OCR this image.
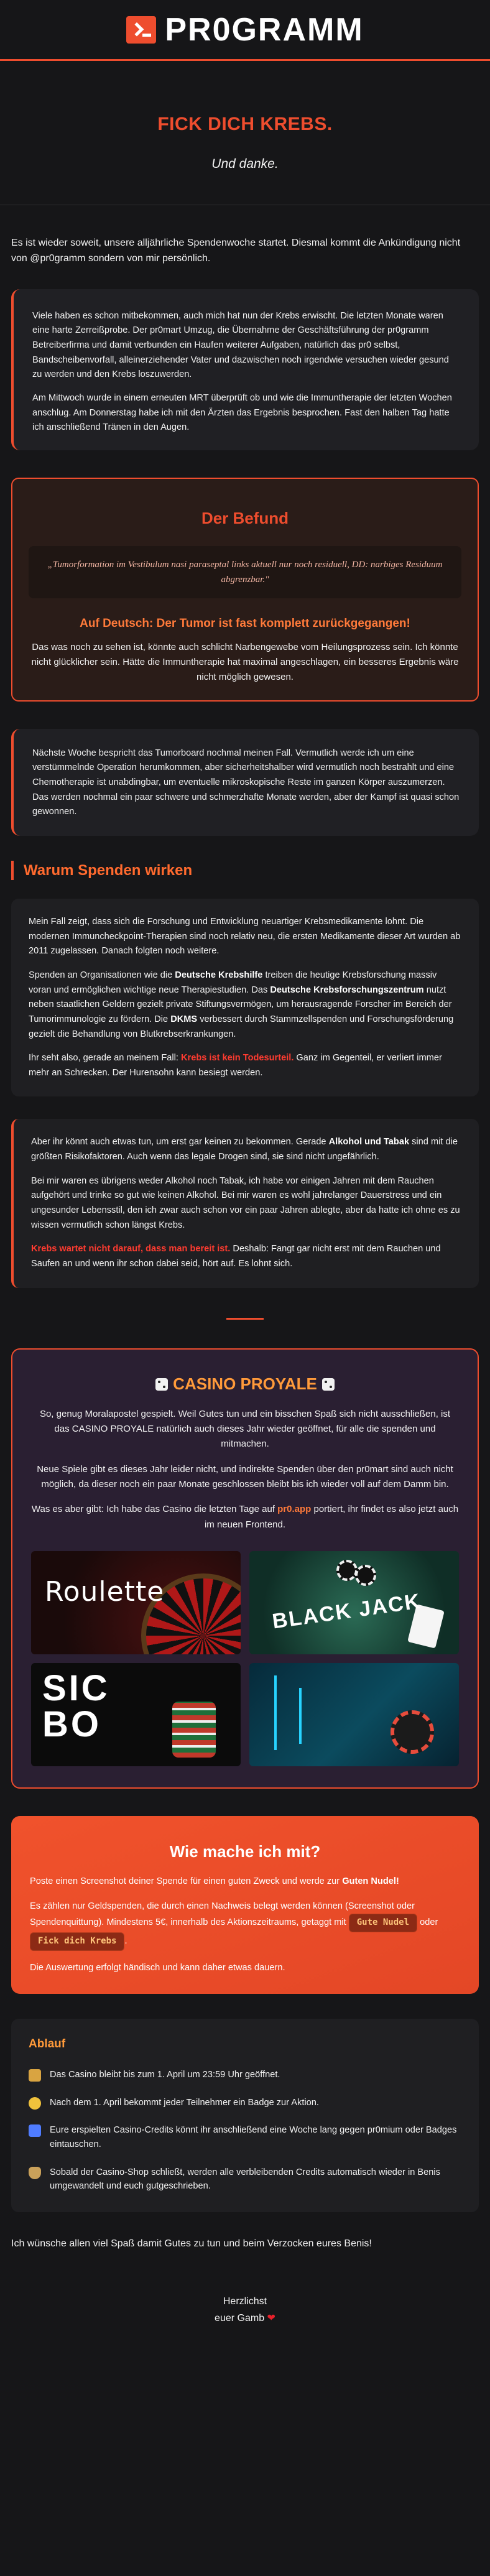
PR0GRAMM
FICK DICH KREBS.

Und danke.

Es ist wieder soweit, unsere alljährliche Spendenwoche startet. Diesmal kommt die Ankündigung nicht von @pr0gramm sondern von mir persönlich.

Viele haben es schon mitbekommen, auch mich hat nun der Krebs erwischt. Die letzten Monate waren eine harte Zerreißprobe. Der pr0mart Umzug, die Übernahme der Geschäftsführung der pr0gramm Betreiberfirma und damit verbunden ein Haufen weiterer Aufgaben, natürlich das pr0 selbst, Bandscheibenvorfall, alleinerziehender Vater und dazwischen noch irgendwie versuchen wieder gesund zu werden und den Krebs loszuwerden.

Am Mittwoch wurde in einem erneuten MRT überprüft ob und wie die Immuntherapie der letzten Wochen anschlug. Am Donnerstag habe ich mit den Ärzten das Ergebnis besprochen. Fast den halben Tag hatte ich anschließend Tränen in den Augen.

Der Befund
„Tumorformation im Vestibulum nasi paraseptal links aktuell nur noch residuell, DD: narbiges Residuum abgrenzbar."
Auf Deutsch: Der Tumor ist fast komplett zurückgegangen!

Das was noch zu sehen ist, könnte auch schlicht Narbengewebe vom Heilungsprozess sein. Ich könnte nicht glücklicher sein. Hätte die Immuntherapie hat maximal angeschlagen, ein besseres Ergebnis wäre nicht möglich gewesen.

Nächste Woche bespricht das Tumorboard nochmal meinen Fall. Vermutlich werde ich um eine verstümmelnde Operation herumkommen, aber sicherheitshalber wird vermutlich noch bestrahlt und eine Chemotherapie ist unabdingbar, um eventuelle mikroskopische Reste im ganzen Körper auszumerzen. Das werden nochmal ein paar schwere und schmerzhafte Monate werden, aber der Kampf ist quasi schon gewonnen.

Warum Spenden wirken

Mein Fall zeigt, dass sich die Forschung und Entwicklung neuartiger Krebsmedikamente lohnt. Die modernen Immuncheckpoint-Therapien sind noch relativ neu, die ersten Medikamente dieser Art wurden ab 2011 zugelassen. Danach folgten noch weitere.

Spenden an Organisationen wie die Deutsche Krebshilfe treiben die heutige Krebsforschung massiv voran und ermöglichen wichtige neue Therapiestudien. Das Deutsche Krebsforschungszentrum nutzt neben staatlichen Geldern gezielt private Stiftungsvermögen, um herausragende Forscher im Bereich der Tumorimmunologie zu fördern. Die DKMS verbessert durch Stammzellspenden und Forschungsförderung gezielt die Behandlung von Blutkrebserkrankungen.

Ihr seht also, gerade an meinem Fall: Krebs ist kein Todesurteil. Ganz im Gegenteil, er verliert immer mehr an Schrecken. Der Hurensohn kann besiegt werden.

Aber ihr könnt auch etwas tun, um erst gar keinen zu bekommen. Gerade Alkohol und Tabak sind mit die größten Risikofaktoren. Auch wenn das legale Drogen sind, sie sind nicht ungefährlich.

Bei mir waren es übrigens weder Alkohol noch Tabak, ich habe vor einigen Jahren mit dem Rauchen aufgehört und trinke so gut wie keinen Alkohol. Bei mir waren es wohl jahrelanger Dauerstress und ein ungesunder Lebensstil, den ich zwar auch schon vor ein paar Jahren ablegte, aber da hatte ich ohne es zu wissen vermutlich schon längst Krebs.

Krebs wartet nicht darauf, dass man bereit ist. Deshalb: Fangt gar nicht erst mit dem Rauchen und Saufen an und wenn ihr schon dabei seid, hört auf. Es lohnt sich.

CASINO PROYALE

So, genug Moralapostel gespielt. Weil Gutes tun und ein bisschen Spaß sich nicht ausschließen, ist das CASINO PROYALE natürlich auch dieses Jahr wieder geöffnet, für alle die spenden und mitmachen.

Neue Spiele gibt es dieses Jahr leider nicht, und indirekte Spenden über den pr0mart sind auch nicht möglich, da dieser noch ein paar Monate geschlossen bleibt bis ich wieder voll auf dem Damm bin.

Was es aber gibt: Ich habe das Casino die letzten Tage auf pr0.app portiert, ihr findet es also jetzt auch im neuen Frontend.

Roulette	BLACK JACK
SIC
BO
Wie mache ich mit?

Poste einen Screenshot deiner Spende für einen guten Zweck und werde zur Guten Nudel!

Es zählen nur Geldspenden, die durch einen Nachweis belegt werden können (Screenshot oder Spendenquittung). Mindestens 5€, innerhalb des Aktionszeitraums, getaggt mit Gute Nudel oder Fick dich Krebs .

Die Auswertung erfolgt händisch und kann daher etwas dauern.

Ablauf
Das Casino bleibt bis zum 1. April um 23:59 Uhr geöffnet.
Nach dem 1. April bekommt jeder Teilnehmer ein Badge zur Aktion.
Eure erspielten Casino-Credits könnt ihr anschließend eine Woche lang gegen pr0mium oder Badges eintauschen.
Sobald der Casino-Shop schließt, werden alle verbleibenden Credits automatisch wieder in Benis umgewandelt und euch gutgeschrieben.

Ich wünsche allen viel Spaß damit Gutes zu tun und beim Verzocken eures Benis!

Herzlichst
euer Gamb ❤
